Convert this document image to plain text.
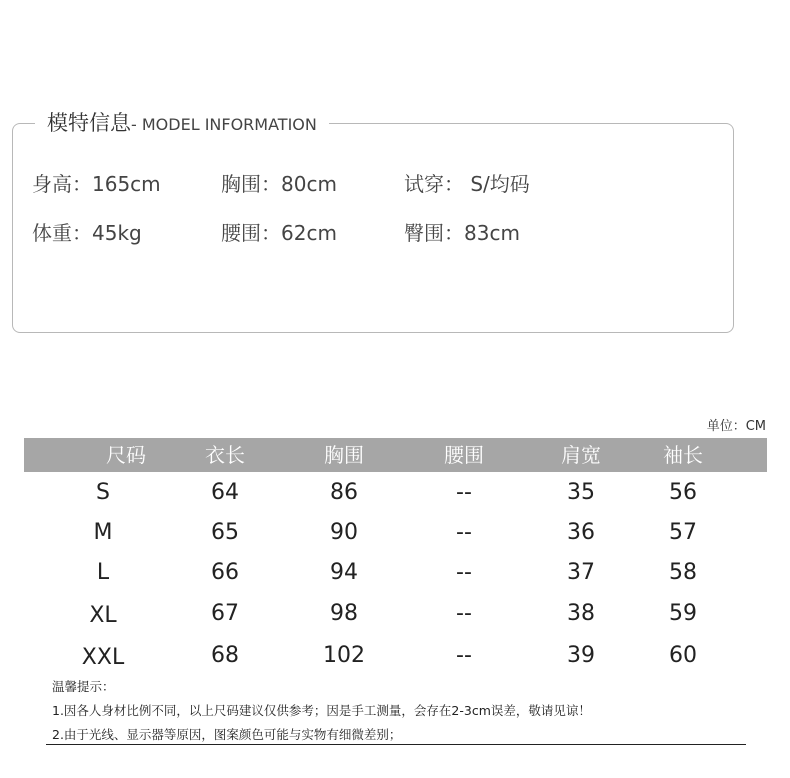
模特信息- MODEL INFORMATION
身高：165cm	胸围：80cm	试穿： S/均码
体重：45kg	腰围：62cm	臀围：83cm
单位：CM
尺码	衣长	胸围	腰围	肩宽	袖长
S	64	86	--	35	56
M	65	90	--	36	57
L	66	94	--	37	58
XL	67	98	--	38	59
XXL	68	102	--	39	60
温馨提示：
1.因各人身材比例不同，以上尺码建议仅供参考；因是手工测量，会存在2-3cm误差，敬请见谅！
2.由于光线、显示器等原因，图案颜色可能与实物有细微差别；
